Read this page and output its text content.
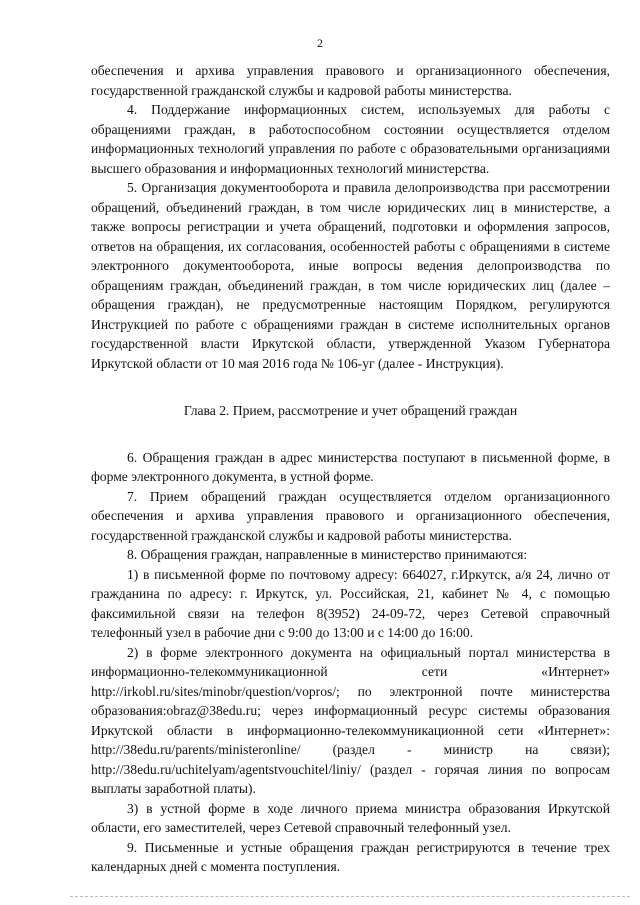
2

обеспечения и архива управления правового и организационного обеспечения, государственной гражданской службы и кадровой работы министерства.

4. Поддержание информационных систем, используемых для работы с обращениями граждан, в работоспособном состоянии осуществляется отделом информационных технологий управления по работе с образовательными организациями высшего образования и информационных технологий министерства.

5. Организация документооборота и правила делопроизводства при рассмотрении обращений, объединений граждан, в том числе юридических лиц в министерстве, а также вопросы регистрации и учета обращений, подготовки и оформления запросов, ответов на обращения, их согласования, особенностей работы с обращениями в системе электронного документооборота, иные вопросы ведения делопроизводства по обращениям граждан, объединений граждан, в том числе юридических лиц (далее – обращения граждан), не предусмотренные настоящим Порядком, регулируются Инструкцией по работе с обращениями граждан в системе исполнительных органов государственной власти Иркутской области, утвержденной Указом Губернатора Иркутской области от 10 мая 2016 года № 106-уг (далее - Инструкция).

Глава 2. Прием, рассмотрение и учет обращений граждан

6. Обращения граждан в адрес министерства поступают в письменной форме, в форме электронного документа, в устной форме.

7. Прием обращений граждан осуществляется отделом организационного обеспечения и архива управления правового и организационного обеспечения, государственной гражданской службы и кадровой работы министерства.

8. Обращения граждан, направленные в министерство принимаются:

1) в письменной форме по почтовому адресу: 664027, г.Иркутск, а/я 24, лично от гражданина по адресу: г. Иркутск, ул. Российская, 21, кабинет № 4, с помощью факсимильной связи на телефон 8(3952) 24-09-72, через Сетевой справочный телефонный узел в рабочие дни с 9:00 до 13:00 и с 14:00 до 16:00.

2) в форме электронного документа на официальный портал министерства в информационно-телекоммуникационной сети «Интернет» http://irkobl.ru/sites/minobr/question/vopros/; по электронной почте министерства образования:obraz@38edu.ru; через информационный ресурс системы образования Иркутской области в информационно-телекоммуникационной сети «Интернет»: http://38edu.ru/parents/ministeronline/ (раздел - министр на связи); http://38edu.ru/uchitelyam/agentstvouchitel/liniy/ (раздел - горячая линия по вопросам выплаты заработной платы).

3) в устной форме в ходе личного приема министра образования Иркутской области, его заместителей, через Сетевой справочный телефонный узел.

9. Письменные и устные обращения граждан регистрируются в течение трех календарных дней с момента поступления.
